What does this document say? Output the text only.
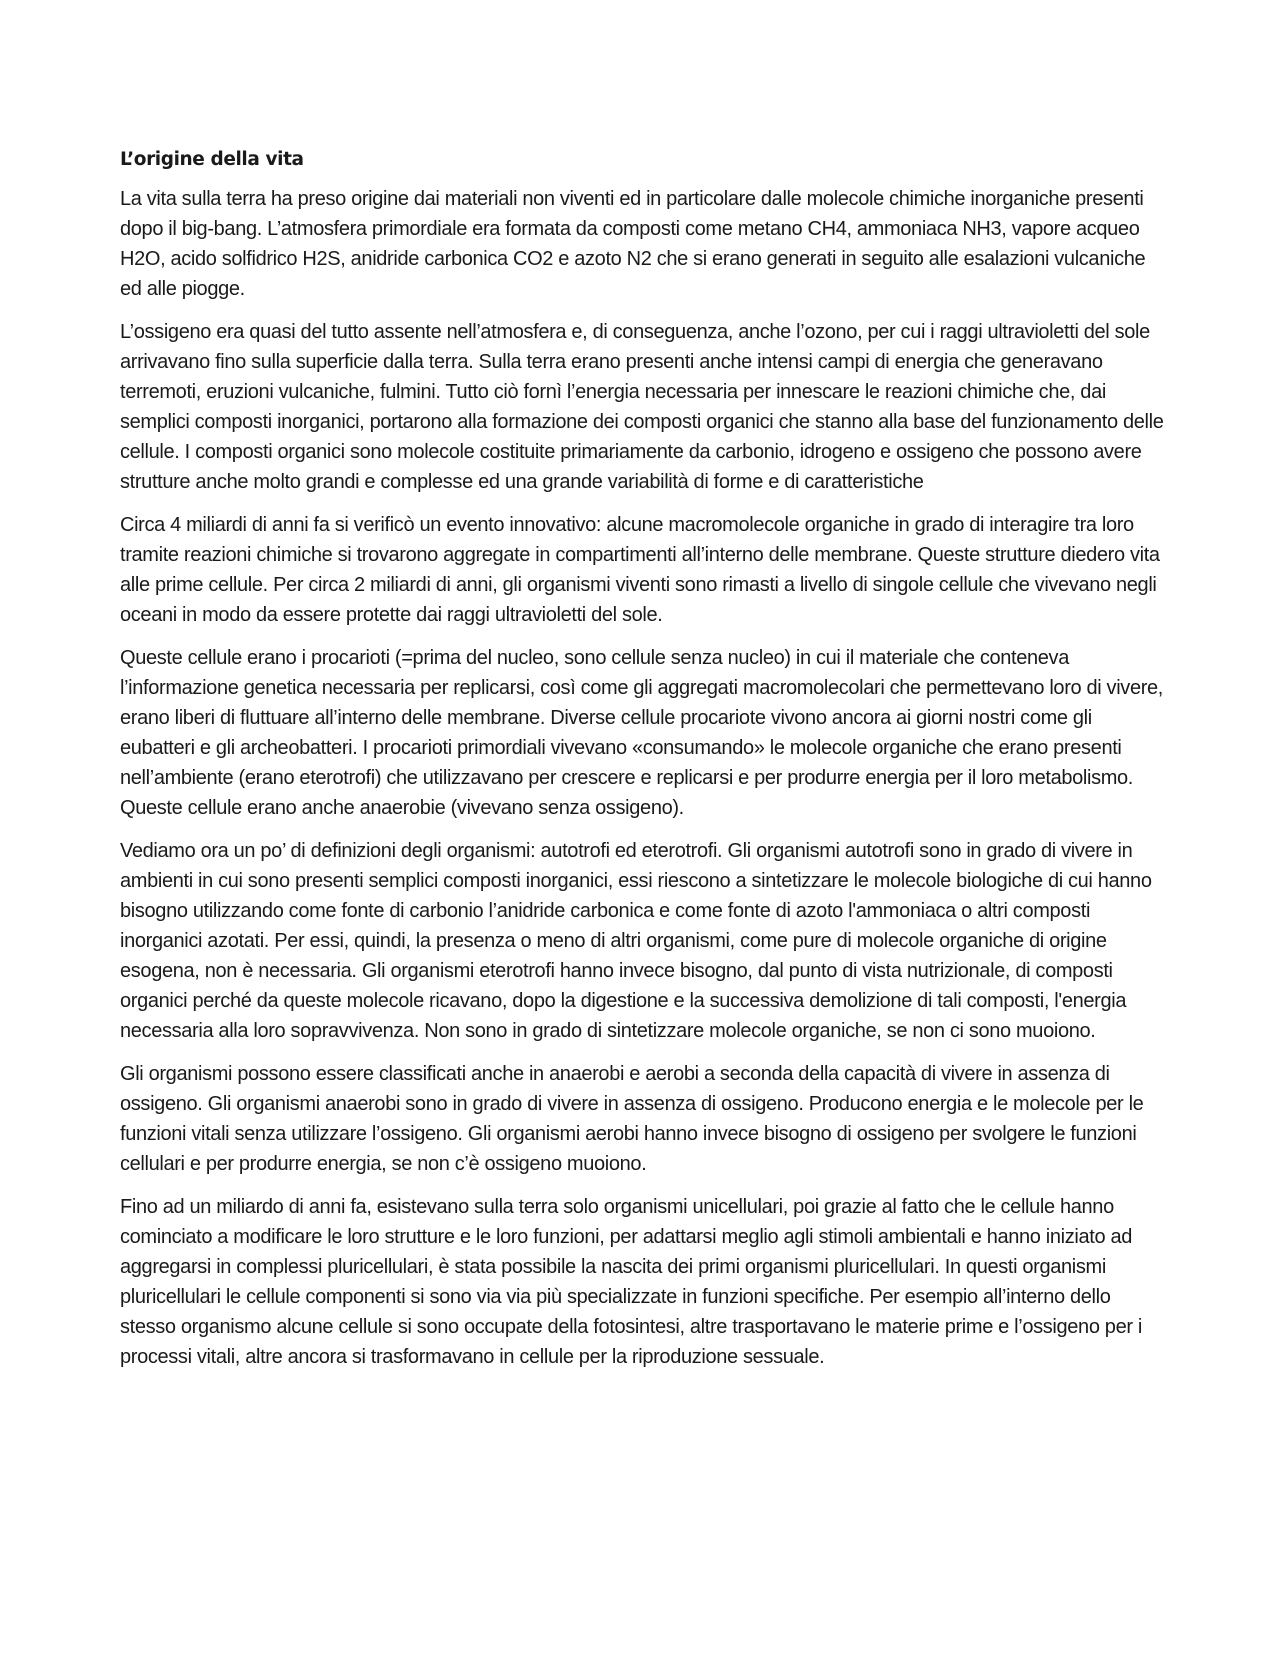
L’origine della vita

La vita sulla terra ha preso origine dai materiali non viventi ed in particolare dalle molecole chimiche inorganiche presenti dopo il big-bang. L’atmosfera primordiale era formata da composti come metano CH4, ammoniaca NH3, vapore acqueo H2O, acido solfidrico H2S, anidride carbonica CO2 e azoto N2 che si erano generati in seguito alle esalazioni vulcaniche ed alle piogge.

L’ossigeno era quasi del tutto assente nell’atmosfera e, di conseguenza, anche l’ozono, per cui i raggi ultravioletti del sole arrivavano fino sulla superficie dalla terra. Sulla terra erano presenti anche intensi campi di energia che generavano terremoti, eruzioni vulcaniche, fulmini. Tutto ciò fornì l’energia necessaria per innescare le reazioni chimiche che, dai semplici composti inorganici, portarono alla formazione dei composti organici che stanno alla base del funzionamento delle cellule. I composti organici sono molecole costituite primariamente da carbonio, idrogeno e ossigeno che possono avere strutture anche molto grandi e complesse ed una grande variabilità di forme e di caratteristiche

Circa 4 miliardi di anni fa si verificò un evento innovativo: alcune macromolecole organiche in grado di interagire tra loro tramite reazioni chimiche si trovarono aggregate in compartimenti all’interno delle membrane. Queste strutture diedero vita alle prime cellule. Per circa 2 miliardi di anni, gli organismi viventi sono rimasti a livello di singole cellule che vivevano negli oceani in modo da essere protette dai raggi ultravioletti del sole.

Queste cellule erano i procarioti (=prima del nucleo, sono cellule senza nucleo) in cui il materiale che conteneva l’informazione genetica necessaria per replicarsi, così come gli aggregati macromolecolari che permettevano loro di vivere, erano liberi di fluttuare all’interno delle membrane. Diverse cellule procariote vivono ancora ai giorni nostri come gli eubatteri e gli archeobatteri. I procarioti primordiali vivevano «consumando» le molecole organiche che erano presenti nell’ambiente (erano eterotrofi) che utilizzavano per crescere e replicarsi e per produrre energia per il loro metabolismo. Queste cellule erano anche anaerobie (vivevano senza ossigeno).

Vediamo ora un po’ di definizioni degli organismi: autotrofi ed eterotrofi. Gli organismi autotrofi sono in grado di vivere in ambienti in cui sono presenti semplici composti inorganici, essi riescono a sintetizzare le molecole biologiche di cui hanno bisogno utilizzando come fonte di carbonio l’anidride carbonica e come fonte di azoto l'ammoniaca o altri composti inorganici azotati. Per essi, quindi, la presenza o meno di altri organismi, come pure di molecole organiche di origine esogena, non è necessaria. Gli organismi eterotrofi hanno invece bisogno, dal punto di vista nutrizionale, di composti organici perché da queste molecole ricavano, dopo la digestione e la successiva demolizione di tali composti, l'energia necessaria alla loro sopravvivenza. Non sono in grado di sintetizzare molecole organiche, se non ci sono muoiono.

Gli organismi possono essere classificati anche in anaerobi e aerobi a seconda della capacità di vivere in assenza di ossigeno. Gli organismi anaerobi sono in grado di vivere in assenza di ossigeno. Producono energia e le molecole per le funzioni vitali senza utilizzare l’ossigeno. Gli organismi aerobi hanno invece bisogno di ossigeno per svolgere le funzioni cellulari e per produrre energia, se non c’è ossigeno muoiono.

Fino ad un miliardo di anni fa, esistevano sulla terra solo organismi unicellulari, poi grazie al fatto che le cellule hanno cominciato a modificare le loro strutture e le loro funzioni, per adattarsi meglio agli stimoli ambientali e hanno iniziato ad aggregarsi in complessi pluricellulari, è stata possibile la nascita dei primi organismi pluricellulari. In questi organismi pluricellulari le cellule componenti si sono via via più specializzate in funzioni specifiche. Per esempio all’interno dello stesso organismo alcune cellule si sono occupate della fotosintesi, altre trasportavano le materie prime e l’ossigeno per i processi vitali, altre ancora si trasformavano in cellule per la riproduzione sessuale.
